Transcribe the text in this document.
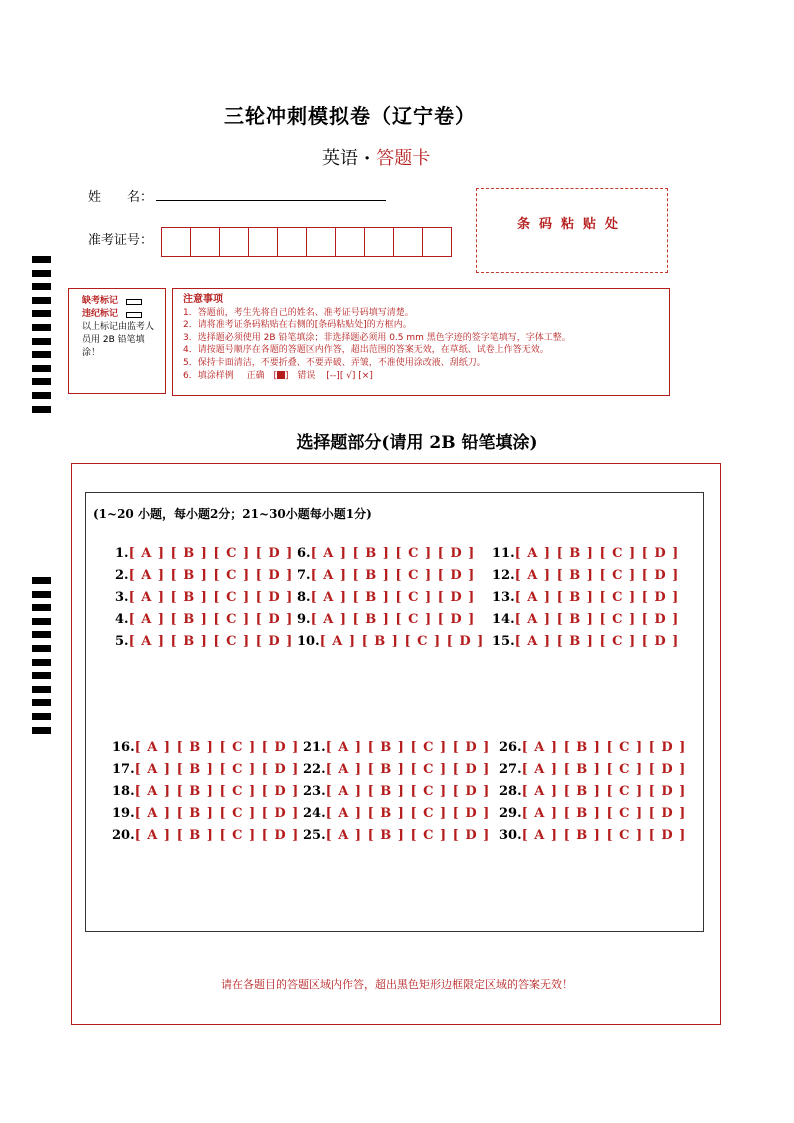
三轮冲刺模拟卷（辽宁卷）
英语 · 答题卡
姓　　名：
准考证号：
条码粘贴处
缺考标记
违纪标记
以上标记由监考人员用 2B 铅笔填涂！
注意事项
1．答题前，考生先将自己的姓名、准考证号码填写清楚。
2．请将准考证条码粘贴在右侧的[条码粘贴处]的方框内。
3．选择题必须使用 2B 铅笔填涂；非选择题必须用 0.5 mm 黑色字迹的签字笔填写，字体工整。
4．请按题号顺序在各题的答题区内作答，超出范围的答案无效，在草纸、试卷上作答无效。
5．保持卡面清洁，不要折叠、不要弄破、弄皱，不准使用涂改液、刮纸刀。
6．填涂样例 正确 [ ] 错误 [--][ √] [×]
选择题部分(请用 2B 铅笔填涂)
(1~20 小题，每小题2分；21~30小题每小题1分)
1.[ A ] [ B ] [ C ] [ D ]
2.[ A ] [ B ] [ C ] [ D ]
3.[ A ] [ B ] [ C ] [ D ]
4.[ A ] [ B ] [ C ] [ D ]
5.[ A ] [ B ] [ C ] [ D ]
6.[ A ] [ B ] [ C ] [ D ]
7.[ A ] [ B ] [ C ] [ D ]
8.[ A ] [ B ] [ C ] [ D ]
9.[ A ] [ B ] [ C ] [ D ]
10.[ A ] [ B ] [ C ] [ D ]
11.[ A ] [ B ] [ C ] [ D ]
12.[ A ] [ B ] [ C ] [ D ]
13.[ A ] [ B ] [ C ] [ D ]
14.[ A ] [ B ] [ C ] [ D ]
15.[ A ] [ B ] [ C ] [ D ]
16.[ A ] [ B ] [ C ] [ D ]
17.[ A ] [ B ] [ C ] [ D ]
18.[ A ] [ B ] [ C ] [ D ]
19.[ A ] [ B ] [ C ] [ D ]
20.[ A ] [ B ] [ C ] [ D ]
21.[ A ] [ B ] [ C ] [ D ]
22.[ A ] [ B ] [ C ] [ D ]
23.[ A ] [ B ] [ C ] [ D ]
24.[ A ] [ B ] [ C ] [ D ]
25.[ A ] [ B ] [ C ] [ D ]
26.[ A ] [ B ] [ C ] [ D ]
27.[ A ] [ B ] [ C ] [ D ]
28.[ A ] [ B ] [ C ] [ D ]
29.[ A ] [ B ] [ C ] [ D ]
30.[ A ] [ B ] [ C ] [ D ]
请在各题目的答题区域内作答，超出黑色矩形边框限定区域的答案无效！
